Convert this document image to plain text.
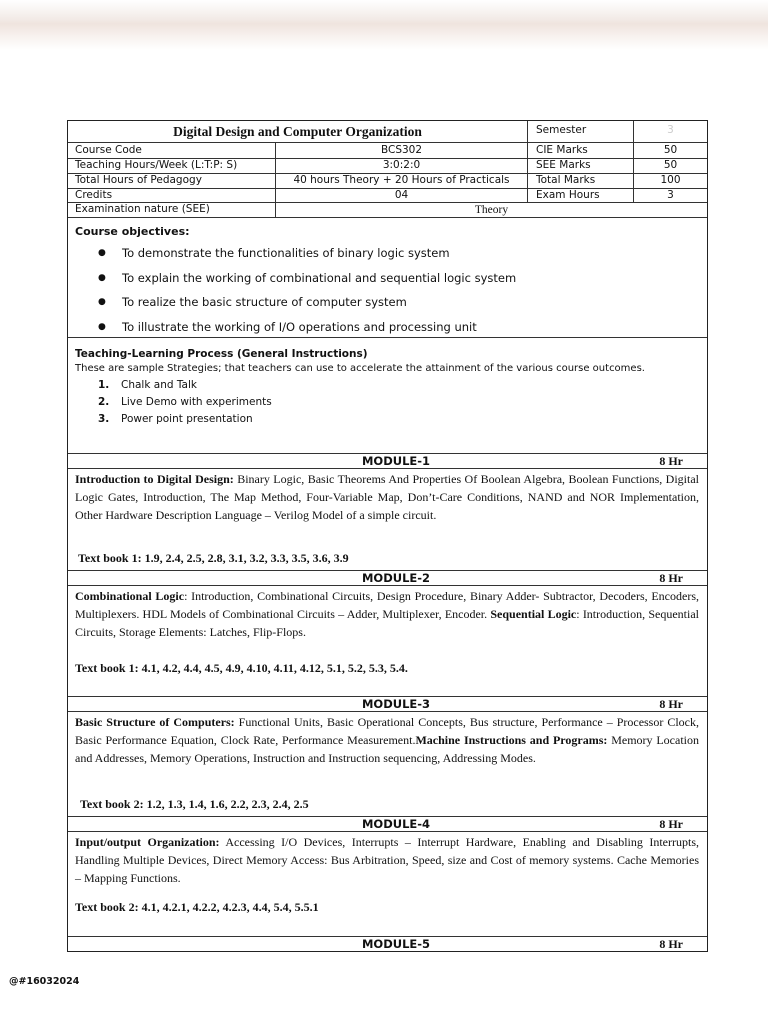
Digital Design and Computer Organization	Semester	3
Course Code	BCS302	CIE Marks	50
Teaching Hours/Week (L:T:P: S)	3:0:2:0	SEE Marks	50
Total Hours of Pedagogy	40 hours Theory + 20 Hours of Practicals	Total Marks	100
Credits	04	Exam Hours	3
Examination nature (SEE)	Theory
Course objectives:
● To demonstrate the functionalities of binary logic system
● To explain the working of combinational and sequential logic system
● To realize the basic structure of computer system
● To illustrate the working of I/O operations and processing unit
Teaching-Learning Process (General Instructions)
These are sample Strategies; that teachers can use to accelerate the attainment of the various course outcomes.
1. Chalk and Talk
2. Live Demo with experiments
3. Power point presentation
MODULE-1	8 Hr
Introduction to Digital Design: Binary Logic, Basic Theorems And Properties Of Boolean Algebra, Boolean Functions, Digital Logic Gates, Introduction, The Map Method, Four-Variable Map, Don’t-Care Conditions, NAND and NOR Implementation, Other Hardware Description Language – Verilog Model of a simple circuit.
Text book 1: 1.9, 2.4, 2.5, 2.8, 3.1, 3.2, 3.3, 3.5, 3.6, 3.9
MODULE-2	8 Hr
Combinational Logic: Introduction, Combinational Circuits, Design Procedure, Binary Adder- Subtractor, Decoders, Encoders, Multiplexers. HDL Models of Combinational Circuits – Adder, Multiplexer, Encoder. Sequential Logic: Introduction, Sequential Circuits, Storage Elements: Latches, Flip-Flops.
Text book 1: 4.1, 4.2, 4.4, 4.5, 4.9, 4.10, 4.11, 4.12, 5.1, 5.2, 5.3, 5.4.
MODULE-3	8 Hr
Basic Structure of Computers: Functional Units, Basic Operational Concepts, Bus structure, Performance – Processor Clock, Basic Performance Equation, Clock Rate, Performance Measurement.Machine Instructions and Programs: Memory Location and Addresses, Memory Operations, Instruction and Instruction sequencing, Addressing Modes.
Text book 2: 1.2, 1.3, 1.4, 1.6, 2.2, 2.3, 2.4, 2.5
MODULE-4	8 Hr
Input/output Organization: Accessing I/O Devices, Interrupts – Interrupt Hardware, Enabling and Disabling Interrupts, Handling Multiple Devices, Direct Memory Access: Bus Arbitration, Speed, size and Cost of memory systems. Cache Memories – Mapping Functions.
Text book 2: 4.1, 4.2.1, 4.2.2, 4.2.3, 4.4, 5.4, 5.5.1
MODULE-5	8 Hr
@#16032024
